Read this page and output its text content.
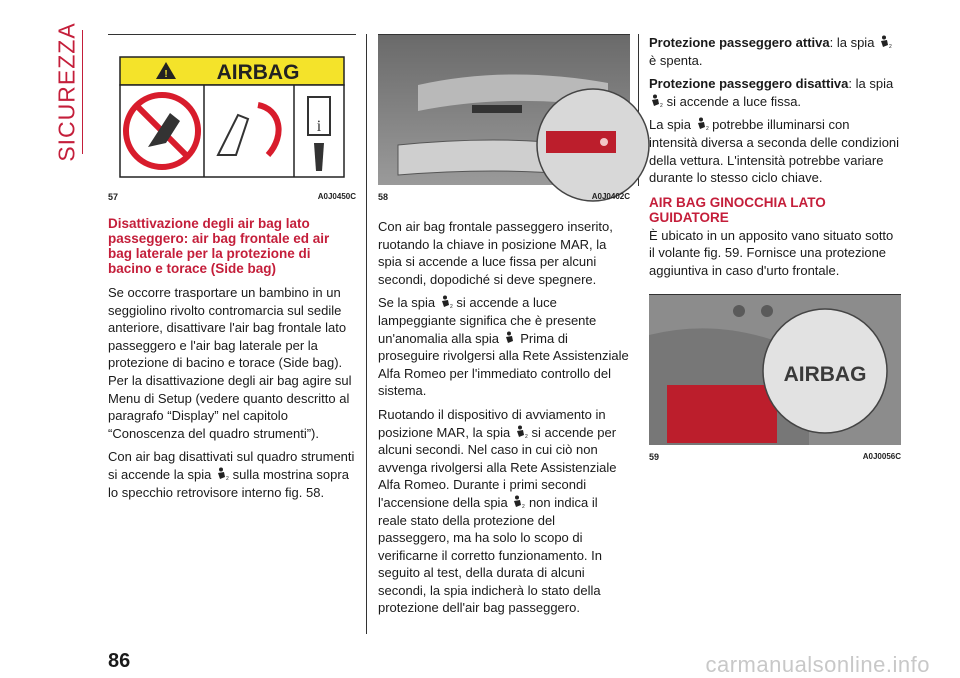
SICUREZZA	! AIRBAG
i
57	A0J0450C
Disattivazione degli air bag lato passeggero: air bag frontale ed air bag laterale per la protezione di bacino e torace (Side bag)

Se occorre trasportare un bambino in un seggiolino rivolto contromarcia sul sedile anteriore, disattivare l'air bag frontale lato passeggero e l'air bag laterale per la protezione di bacino e torace (Side bag). Per la disattivazione degli air bag agire sul Menu di Setup (vedere quanto descritto al paragrafo “Display” nel capitolo “Conoscenza del quadro strumenti”).

Con air bag disattivati sul quadro strumenti si accende la spia	2 sulla mostrina sopra lo specchio retrovisore interno fig. 58.

58	A0J0402C

Con air bag frontale passeggero inserito, ruotando la chiave in posizione MAR, la spia si accende a luce fissa per alcuni secondi, dopodiché si deve spegnere.

Se la spia	2 si accende a luce lampeggiante significa che è presente un'anomalia alla spia Prima di proseguire rivolgersi alla Rete Assistenziale Alfa Romeo per l'immediato controllo del sistema.

Ruotando il dispositivo di avviamento in posizione MAR, la spia	2 si accende per alcuni secondi. Nel caso in cui ciò non avvenga rivolgersi alla Rete Assistenziale Alfa Romeo. Durante i primi secondi l'accensione della spia	2 non indica il reale stato della protezione del passeggero, ma ha solo lo scopo di verificarne il corretto funzionamento. In seguito al test, della durata di alcuni secondi, la spia indicherà lo stato della protezione dell'air bag passeggero.

Protezione passeggero attiva: la spia	2
è spenta.

Protezione passeggero disattiva: la spia
2 si accende a luce fissa.

La spia	2 potrebbe illuminarsi con intensità diversa a seconda delle condizioni della vettura. L'intensità potrebbe variare durante lo stesso ciclo chiave.

AIR BAG GINOCCHIA LATO GUIDATORE

È ubicato in un apposito vano situato sotto il volante fig. 59. Fornisce una protezione aggiuntiva in caso d'urto frontale.

AIRBAG
59	A0J0056C
86	carmanualsonline.info
